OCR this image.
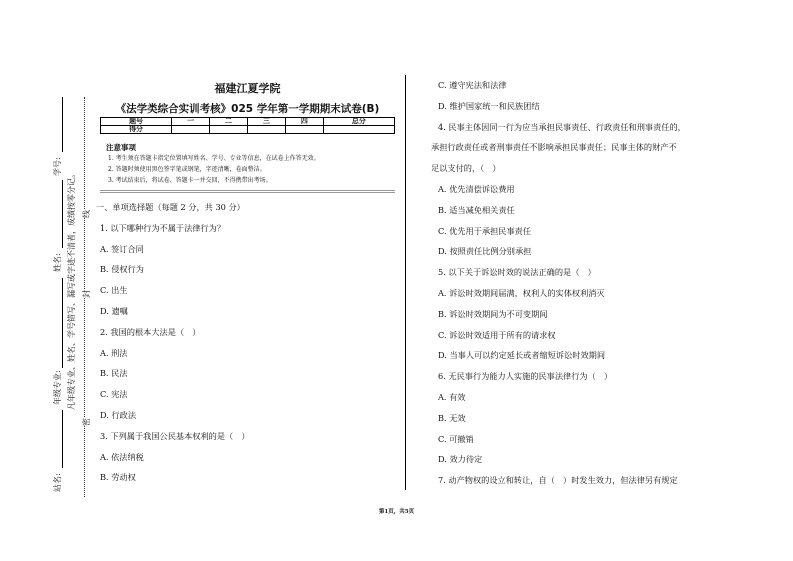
学号:
姓名:
年级专业:
站名:
凡年级专业、姓名、学号错写、漏写或字迹不清者，成绩按零分记。
密
封
线
福建江夏学院
《法学类综合实训考核》025 学年第一学期期末试卷(B)
题号	一	二	三	四	总分
得分					
注意事项
1. 考生须在答题卡指定位置填写姓名、学号、专业等信息，在试卷上作答无效。
2. 答题时须使用黑色签字笔或钢笔，字迹清晰，卷面整洁。
3. 考试结束后，将试卷、答题卡一并交回，不得携带出考场。
一、单项选择题（每题 2 分，共 30 分）
1. 以下哪种行为不属于法律行为？
A. 签订合同
B. 侵权行为
C. 出生
D. 遗嘱
2. 我国的根本大法是（　）
A. 刑法
B. 民法
C. 宪法
D. 行政法
3. 下列属于我国公民基本权利的是（　）
A. 依法纳税
B. 劳动权
C. 遵守宪法和法律
D. 维护国家统一和民族团结
4. 民事主体因同一行为应当承担民事责任、行政责任和刑事责任的，
承担行政责任或者刑事责任不影响承担民事责任；民事主体的财产不
足以支付的，（　）
A. 优先清偿诉讼费用
B. 适当减免相关责任
C. 优先用于承担民事责任
D. 按照责任比例分别承担
5. 以下关于诉讼时效的说法正确的是（　）
A. 诉讼时效期间届满，权利人的实体权利消灭
B. 诉讼时效期间为不可变期间
C. 诉讼时效适用于所有的请求权
D. 当事人可以约定延长或者缩短诉讼时效期间
6. 无民事行为能力人实施的民事法律行为（　）
A. 有效
B. 无效
C. 可撤销
D. 效力待定
7. 动产物权的设立和转让，自（　）时发生效力，但法律另有规定
第1页，共5页
